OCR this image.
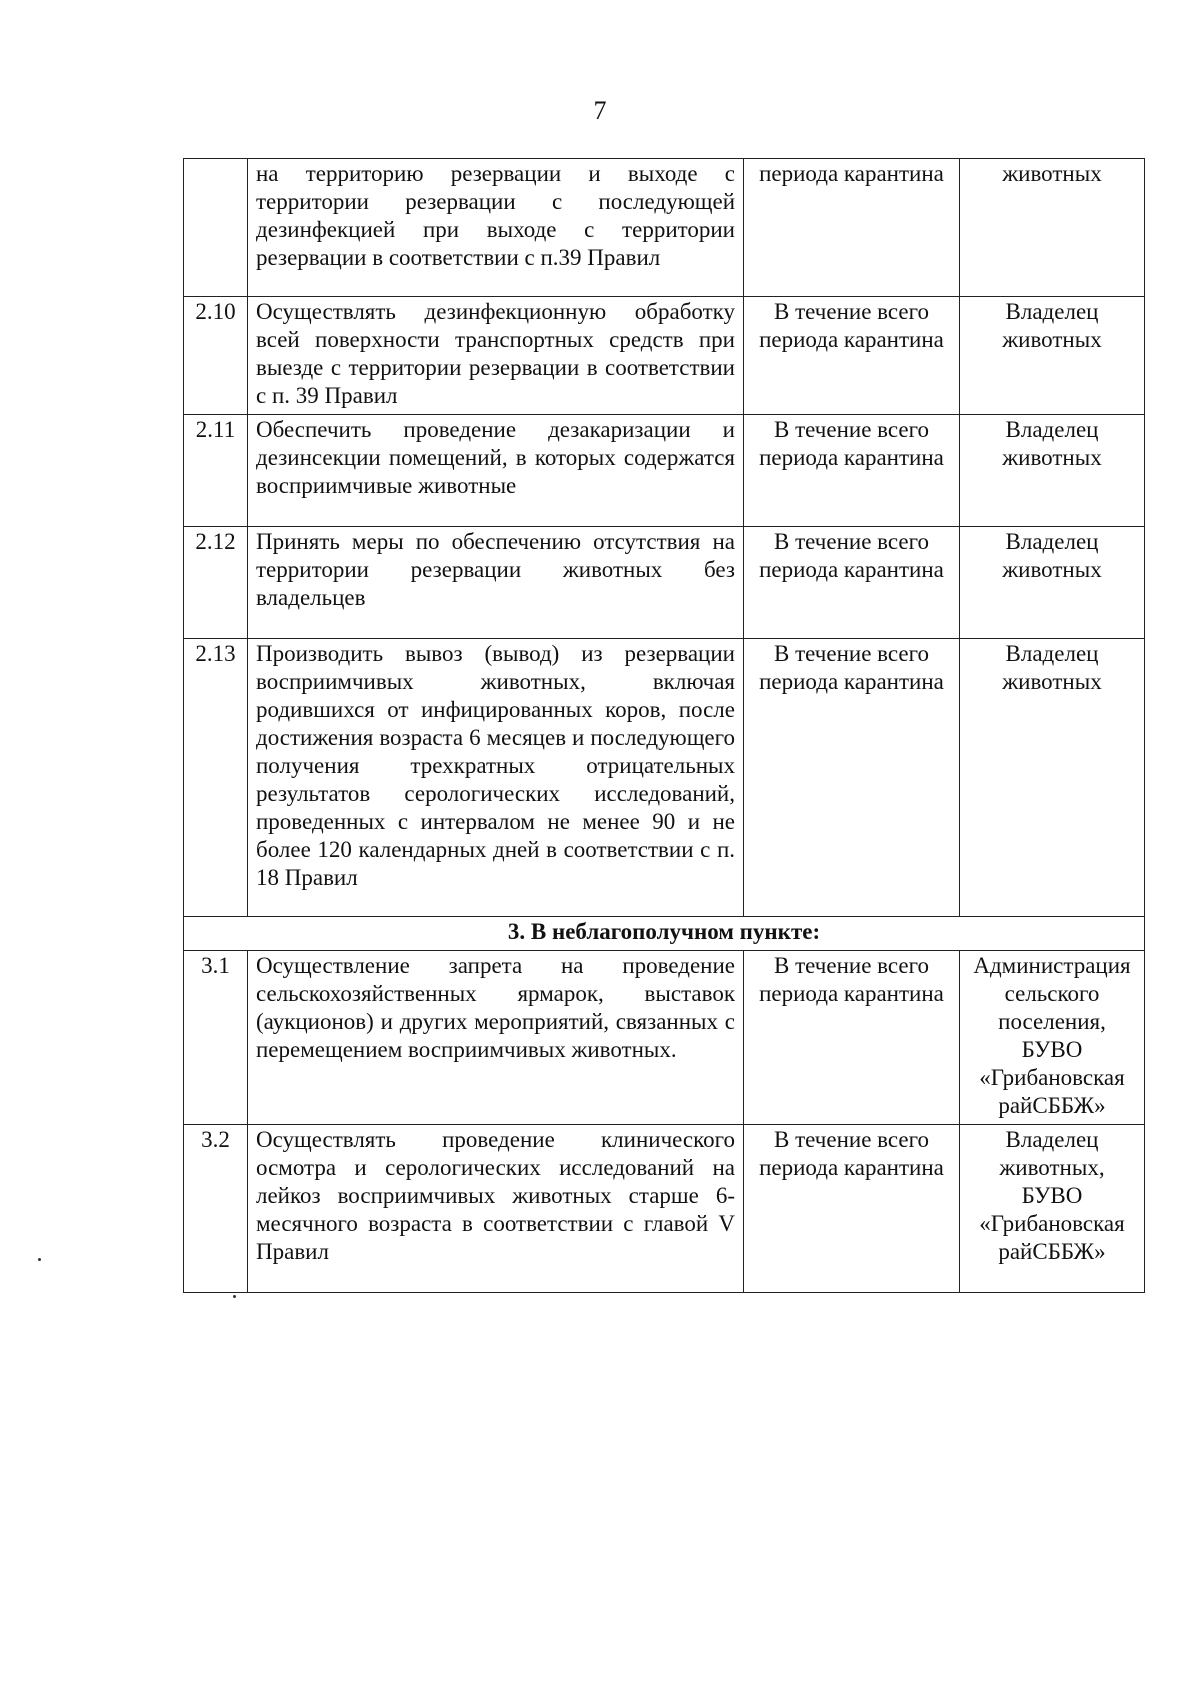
7
	на территорию резервации и выходе с территории резервации с последующей дезинфекцией при выходе с территории резервации в соответствии с п.39 Правил	периода карантина	животных
2.10	Осуществлять дезинфекционную обработку всей поверхности транспортных средств при выезде с территории резервации в соответствии с п. 39 Правил	В течение всего периода карантина	Владелец животных
2.11	Обеспечить проведение дезакаризации и дезинсекции помещений, в которых содержатся восприимчивые животные	В течение всего периода карантина	Владелец животных
2.12	Принять меры по обеспечению отсутствия на территории резервации животных без владельцев	В течение всего периода карантина	Владелец животных
2.13	Производить вывоз (вывод) из резервации восприимчивых животных, включая родившихся от инфицированных коров, после достижения возраста 6 месяцев и последующего получения трехкратных отрицательных результатов серологических исследований, проведенных с интервалом не менее 90 и не более 120 календарных дней в соответствии с п. 18 Правил	В течение всего периода карантина	Владелец животных
3. В неблагополучном пункте:			
3.1	Осуществление запрета на проведение сельскохозяйственных ярмарок, выставок (аукционов) и других мероприятий, связанных с перемещением восприимчивых животных.	В течение всего периода карантина	Администрация сельского поселения, БУВО «Грибановская райСББЖ»
3.2	Осуществлять проведение клинического осмотра и серологических исследований на лейкоз восприимчивых животных старше 6-месячного возраста в соответствии с главой V Правил	В течение всего периода карантина	Владелец животных, БУВО «Грибановская райСББЖ»
